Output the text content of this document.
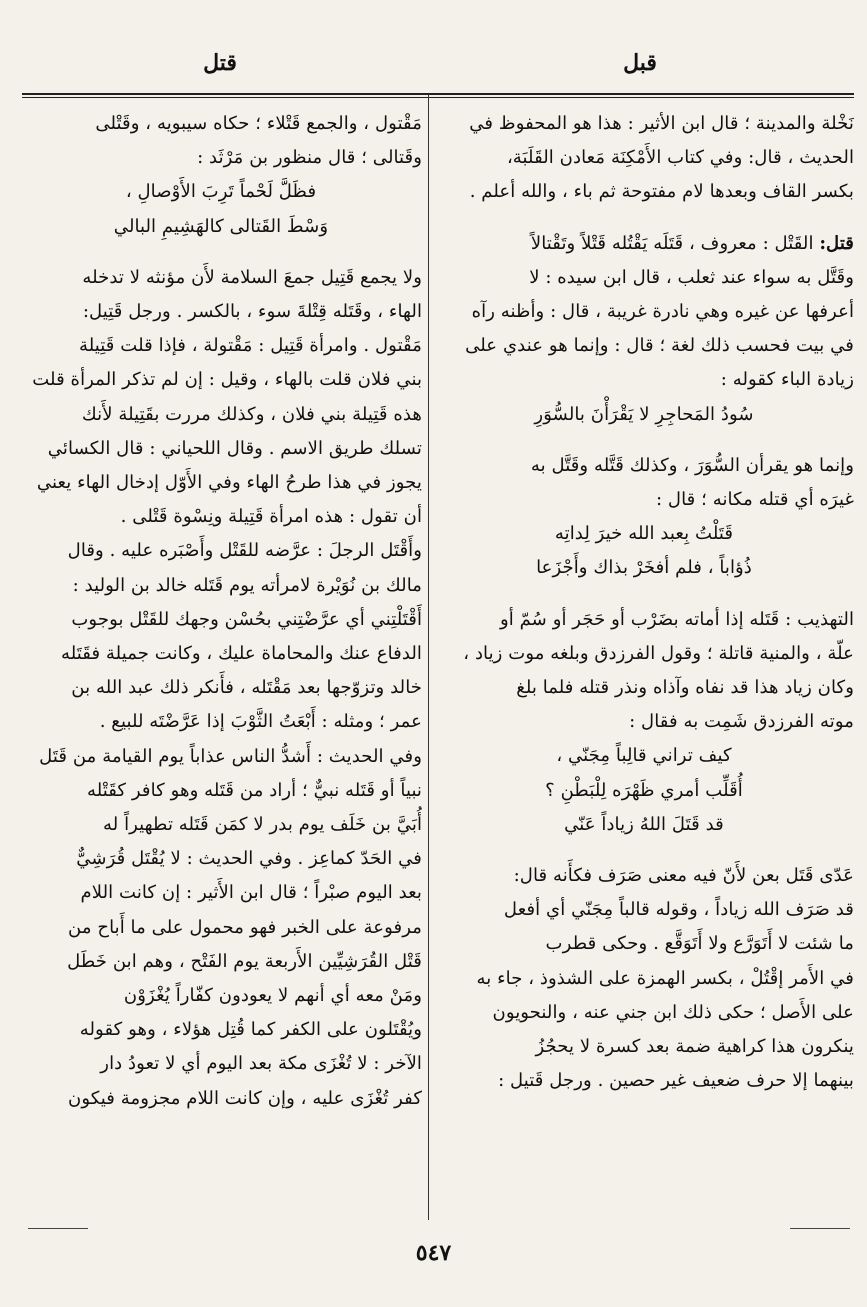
قبل
قتل

نَخْلة والمدينة ؛ قال ابن الأثير : هذا هو المحفوظ في

الحديث ، قال: وفي كتاب الأَمْكِنَة مَعادن القَلَبَة،

بكسر القاف وبعدها لام مفتوحة ثم باء ، والله أعلم .

قتل: القَتْل : معروف ، قَتَلَه يَقْتُله قَتْلاً وتَقْتالاً

وقَتَّل به سواء عند ثعلب ، قال ابن سيده : لا

أعرفها عن غيره وهي نادرة غريبة ، قال : وأظنه رآه

في بيت فحسب ذلك لغة ؛ قال : وإنما هو عندي على

زيادة الباء كقوله :

سُودُ المَحاجِرِ لا يَقْرَأْنَ بالسُّوَرِ

وإنما هو يقرأن السُّوَرَ ، وكذلك قَتَّله وقَتَّل به

غيرَه أي قتله مكانه ؛ قال :

قَتَلْتُ بِعبد الله خيرَ لِداتِه

ذُؤاباً ، فلم أفخَرْ بذاك وأَجْزَعا

التهذيب : قَتَله إذا أماته بضَرْب أو حَجَر أو سُمّ أو

علّة ، والمنية قاتلة ؛ وقول الفرزدق وبلغه موت زياد ،

وكان زياد هذا قد نفاه وآذاه ونذر قتله فلما بلغ

موته الفرزدق شَمِت به فقال :

كيف تراني قالِباً مِجَنّي ،

أُقَلِّب أمري ظَهْرَه لِلْبَطْنِ ؟

قد قَتَلَ اللهُ زياداً عَنّي

عَدّى قَتَل بعن لأَنّ فيه معنى صَرَف فكأَنه قال:

قد صَرَف الله زياداً ، وقوله قالباً مِجَنّي أي أفعل

ما شئت لا أَتَوَرَّع ولا أَتَوَقَّع . وحكى قطرب

في الأَمر إقْتُلْ ، بكسر الهمزة على الشذوذ ، جاء به

على الأَصل ؛ حكى ذلك ابن جني عنه ، والنحويون

ينكرون هذا كراهية ضمة بعد كسرة لا يحجُزُ

بينهما إلا حرف ضعيف غير حصين . ورجل قَتيل :

مَقْتول ، والجمع قَتْلاء ؛ حكاه سيبويه ، وقَتْلى

وقَتالى ؛ قال منظور بن مَرْثَد :

فظَلَّ لَحْماً تَرِبَ الأَوْصالِ ،

وَسْطَ القَتالى كالهَشِيمِ البالي

ولا يجمع قَتِيل جمعَ السلامة لأَن مؤنثه لا تدخله

الهاء ، وقَتَله قِتْلةَ سوء ، بالكسر . ورجل قَتِيل:

مَقْتول . وامرأة قَتِيل : مَقْتولة ، فإذا قلت قَتِيلة

بني فلان قلت بالهاء ، وقيل : إن لم تذكر المرأة قلت

هذه قَتِيلة بني فلان ، وكذلك مررت بقَتِيلة لأَنك

تسلك طريق الاسم . وقال اللحياني : قال الكسائي

يجوز في هذا طرحُ الهاء وفي الأَوّل إدخال الهاء يعني

أن تقول : هذه امرأة قَتِيلة ونِسْوة قَتْلى .

وأَقْتَل الرجلَ : عرَّضه للقَتْل وأَصْبَره عليه . وقال

مالك بن نُوَيْرة لامرأته يوم قَتَله خالد بن الوليد :

أَقْتَلْتِني أي عرَّضْتِني بحُسْن وجهك للقَتْل بوجوب

الدفاع عنك والمحاماة عليك ، وكانت جميلة فقَتَله

خالد وتزوّجها بعد مَقْتَله ، فأَنكر ذلك عبد الله بن

عمر ؛ ومثله : أَبْعَتُ الثَّوْبَ إذا عَرَّضْتَه للبيع .

وفي الحديث : أَشدُّ الناس عذاباً يوم القيامة من قَتَل

نبياً أو قَتَله نبيٌّ ؛ أراد من قَتَله وهو كافر كقَتْله

أُبَيَّ بن خَلَف يوم بدر لا كمَن قَتَله تطهيراً له

في الحَدّ كماعِز . وفي الحديث : لا يُقْتَل قُرَشِيٌّ

بعد اليوم صبْراً ؛ قال ابن الأَثير : إن كانت اللام

مرفوعة على الخبر فهو محمول على ما أَباح من

قَتْل القُرَشِيِّين الأَربعة يوم الفَتْح ، وهم ابن خَطَل

ومَنْ معه أي أنهم لا يعودون كفّاراً يُغْزَوْن

ويُقْتَلون على الكفر كما قُتِل هؤلاء ، وهو كقوله

الآخر : لا تُغْزَى مكة بعد اليوم أي لا تعودُ دار

كفر تُغْزَى عليه ، وإن كانت اللام مجزومة فيكون

٥٤٧
